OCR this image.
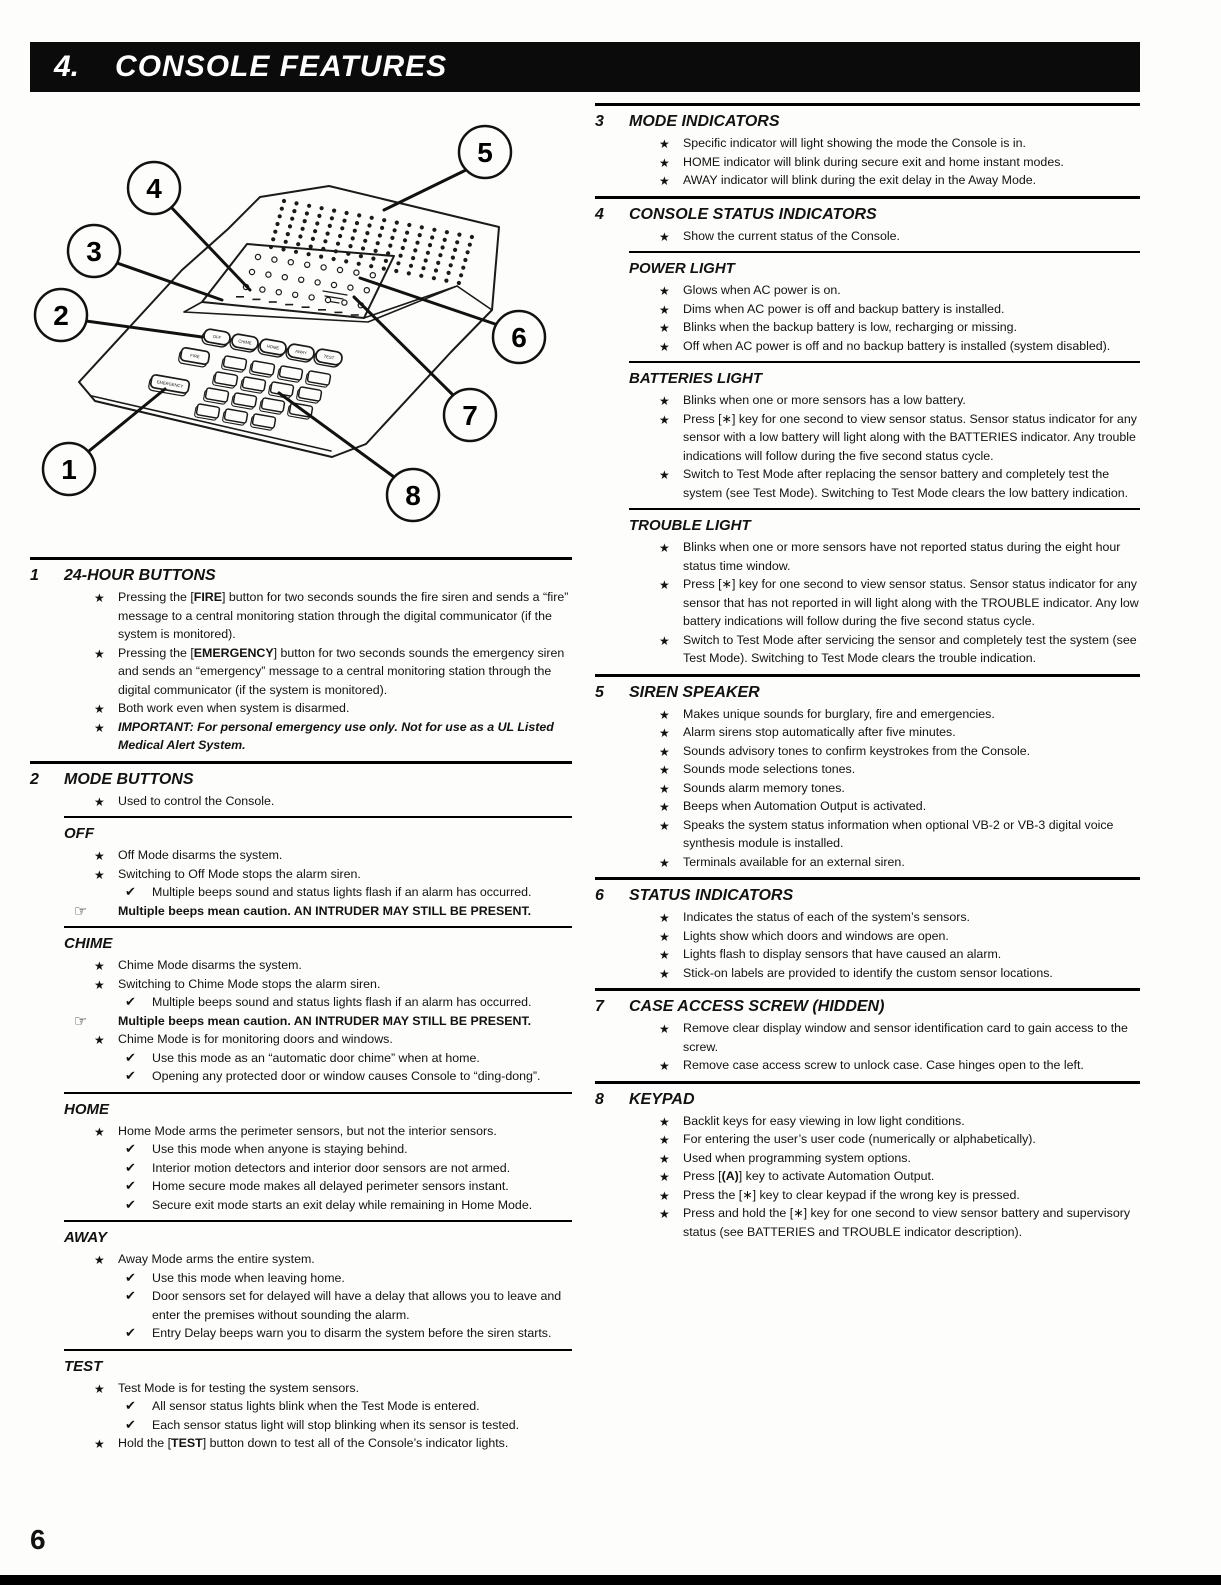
4. CONSOLE FEATURES
OFF
CHIME
HOME
AWAY
TEST
FIRE
EMERGENCY
1
2
3
4
5
6
7
8
1	24-HOUR BUTTONS
★ Pressing the [FIRE] button for two seconds sounds the fire siren and sends a “fire” message to a central monitoring station through the digital communicator (if the system is monitored).
★ Pressing the [EMERGENCY] button for two seconds sounds the emergency siren and sends an “emergency” message to a central monitoring station through the digital communicator (if the system is monitored).
★ Both work even when system is disarmed.
★ IMPORTANT: For personal emergency use only. Not for use as a UL Listed Medical Alert System.
2	MODE BUTTONS
★ Used to control the Console.
OFF
★ Off Mode disarms the system.
★ Switching to Off Mode stops the alarm siren.
✔ Multiple beeps sound and status lights flash if an alarm has occurred.
☞ Multiple beeps mean caution. AN INTRUDER MAY STILL BE PRESENT.
CHIME
★ Chime Mode disarms the system.
★ Switching to Chime Mode stops the alarm siren.
✔ Multiple beeps sound and status lights flash if an alarm has occurred.
☞ Multiple beeps mean caution. AN INTRUDER MAY STILL BE PRESENT.
★ Chime Mode is for monitoring doors and windows.
✔ Use this mode as an “automatic door chime” when at home.
✔ Opening any protected door or window causes Console to “ding-dong”.
HOME
★ Home Mode arms the perimeter sensors, but not the interior sensors.
✔ Use this mode when anyone is staying behind.
✔ Interior motion detectors and interior door sensors are not armed.
✔ Home secure mode makes all delayed perimeter sensors instant.
✔ Secure exit mode starts an exit delay while remaining in Home Mode.
AWAY
★ Away Mode arms the entire system.
✔ Use this mode when leaving home.
✔ Door sensors set for delayed will have a delay that allows you to leave and enter the premises without sounding the alarm.
✔ Entry Delay beeps warn you to disarm the system before the siren starts.
TEST
★ Test Mode is for testing the system sensors.
✔ All sensor status lights blink when the Test Mode is entered.
✔ Each sensor status light will stop blinking when its sensor is tested.
★ Hold the [TEST] button down to test all of the Console’s indicator lights.
3	MODE INDICATORS
★ Specific indicator will light showing the mode the Console is in.
★ HOME indicator will blink during secure exit and home instant modes.
★ AWAY indicator will blink during the exit delay in the Away Mode.
4	CONSOLE STATUS INDICATORS
★ Show the current status of the Console.
POWER LIGHT
★ Glows when AC power is on.
★ Dims when AC power is off and backup battery is installed.
★ Blinks when the backup battery is low, recharging or missing.
★ Off when AC power is off and no backup battery is installed (system disabled).
BATTERIES LIGHT
★ Blinks when one or more sensors has a low battery.
★ Press [∗] key for one second to view sensor status. Sensor status indicator for any sensor with a low battery will light along with the BATTERIES indicator. Any trouble indications will follow during the five second status cycle.
★ Switch to Test Mode after replacing the sensor battery and completely test the system (see Test Mode). Switching to Test Mode clears the low battery indication.
TROUBLE LIGHT
★ Blinks when one or more sensors have not reported status during the eight hour status time window.
★ Press [∗] key for one second to view sensor status. Sensor status indicator for any sensor that has not reported in will light along with the TROUBLE indicator. Any low battery indications will follow during the five second status cycle.
★ Switch to Test Mode after servicing the sensor and completely test the system (see Test Mode). Switching to Test Mode clears the trouble indication.
5	SIREN SPEAKER
★ Makes unique sounds for burglary, fire and emergencies.
★ Alarm sirens stop automatically after five minutes.
★ Sounds advisory tones to confirm keystrokes from the Console.
★ Sounds mode selections tones.
★ Sounds alarm memory tones.
★ Beeps when Automation Output is activated.
★ Speaks the system status information when optional VB-2 or VB-3 digital voice synthesis module is installed.
★ Terminals available for an external siren.
6	STATUS INDICATORS
★ Indicates the status of each of the system’s sensors.
★ Lights show which doors and windows are open.
★ Lights flash to display sensors that have caused an alarm.
★ Stick-on labels are provided to identify the custom sensor locations.
7	CASE ACCESS SCREW (HIDDEN)
★ Remove clear display window and sensor identification card to gain access to the screw.
★ Remove case access screw to unlock case. Case hinges open to the left.
8	KEYPAD
★ Backlit keys for easy viewing in low light conditions.
★ For entering the user’s user code (numerically or alphabetically).
★ Used when programming system options.
★ Press [(A)] key to activate Automation Output.
★ Press the [∗] key to clear keypad if the wrong key is pressed.
★ Press and hold the [∗] key for one second to view sensor battery and supervisory status (see BATTERIES and TROUBLE indicator description).
6
